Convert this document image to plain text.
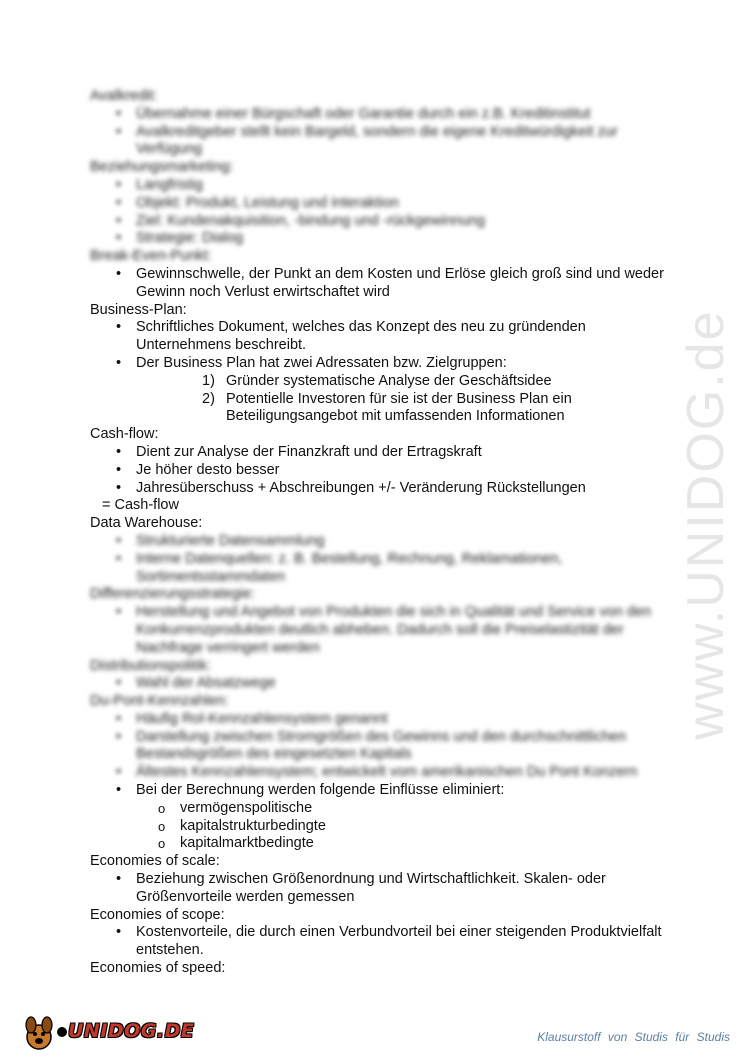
www.UNIDOG.de

Avalkredit:

• Übernahme einer Bürgschaft oder Garantie durch ein z.B. Kreditinstitut
• Avalkreditgeber stellt kein Bargeld, sondern die eigene Kreditwürdigkeit zur Verfügung

Beziehungsmarketing:

• Langfristig
• Objekt: Produkt, Leistung und Interaktion
• Ziel: Kundenakquisition, -bindung und -rückgewinnung
• Strategie: Dialog

Break-Even-Punkt:

• Gewinnschwelle, der Punkt an dem Kosten und Erlöse gleich groß sind und weder Gewinn noch Verlust erwirtschaftet wird

Business-Plan:

• Schriftliches Dokument, welches das Konzept des neu zu gründenden Unternehmens beschreibt.
• Der Business Plan hat zwei Adressaten bzw. Zielgruppen:
1) Gründer systematische Analyse der Geschäftsidee
2) Potentielle Investoren für sie ist der Business Plan ein Beteiligungsangebot mit umfassenden Informationen

Cash-flow:

• Dient zur Analyse der Finanzkraft und der Ertragskraft
• Je höher desto besser
• Jahresüberschuss + Abschreibungen +/- Veränderung Rückstellungen

= Cash-flow

Data Warehouse:

• Strukturierte Datensammlung
• Interne Datenquellen: z. B. Bestellung, Rechnung, Reklamationen, Sortimentsstammdaten

Differenzierungsstrategie:

• Herstellung und Angebot von Produkten die sich in Qualität und Service von den Konkurrenzprodukten deutlich abheben. Dadurch soll die Preiselastizität der Nachfrage verringert werden

Distributionspolitik:

• Wahl der Absatzwege

Du-Pont-Kennzahlen:

• Häufig Rol-Kennzahlensystem genannt
• Darstellung zwischen Stromgrößen des Gewinns und den durchschnittlichen Bestandsgrößen des eingesetzten Kapitals
• Ältestes Kennzahlensystem; entwickelt vom amerikanischen Du Pont Konzern
• Bei der Berechnung werden folgende Einflüsse eliminiert:
o vermögenspolitische
o kapitalstrukturbedingte
o kapitalmarktbedingte

Economies of scale:

• Beziehung zwischen Größenordnung und Wirtschaftlichkeit. Skalen- oder Größenvorteile werden gemessen

Economies of scope:

• Kostenvorteile, die durch einen Verbundvorteil bei einer steigenden Produktvielfalt entstehen.

Economies of speed:

UNIDOG.DE	Klausurstoff von Studis für Studis
